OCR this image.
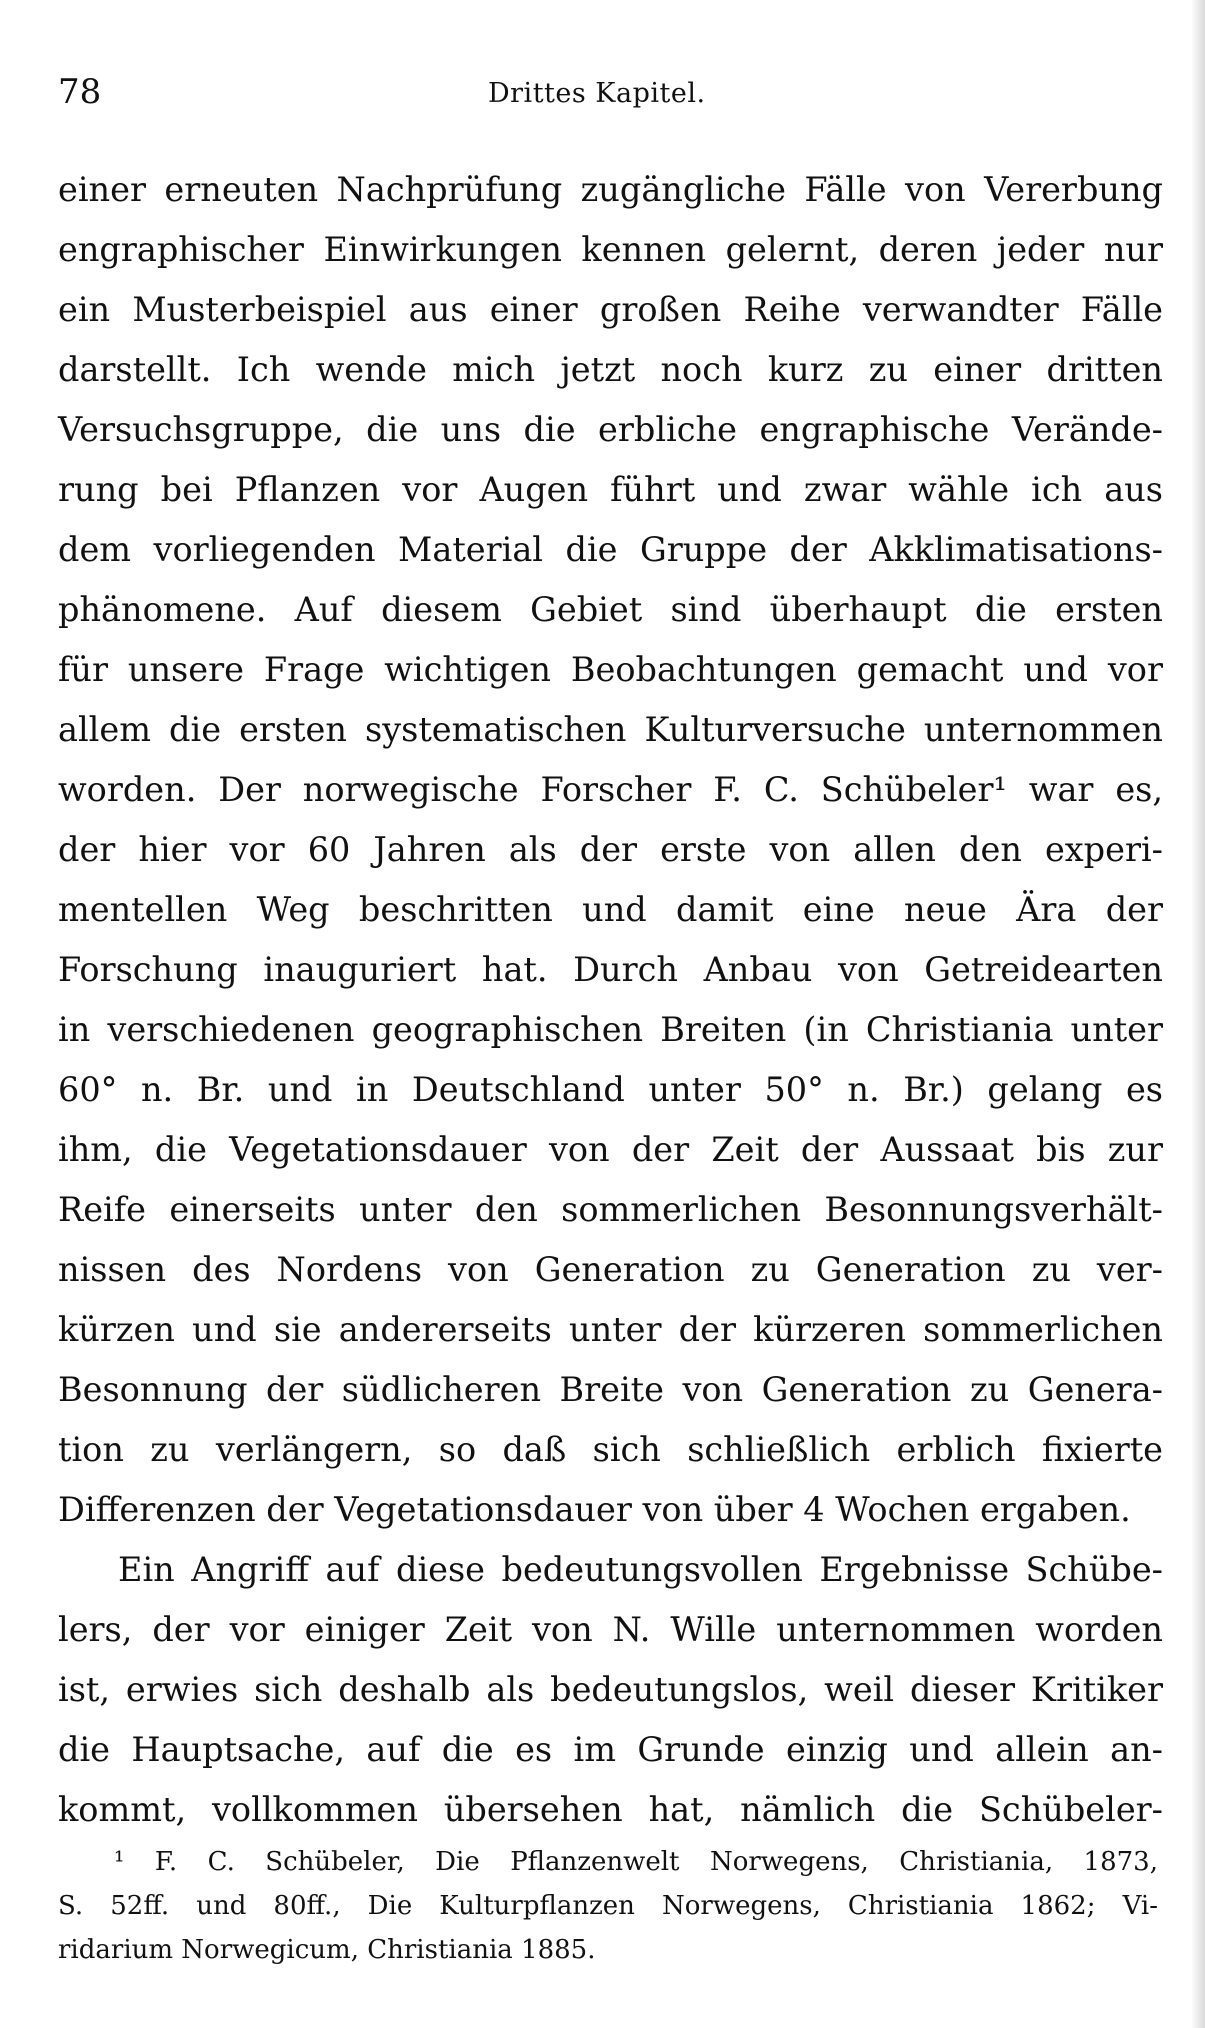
78	Drittes Kapitel.
einer erneuten Nachprüfung zugängliche Fälle von Vererbung
engraphischer Einwirkungen kennen gelernt, deren jeder nur
ein Musterbeispiel aus einer großen Reihe verwandter Fälle
darstellt. Ich wende mich jetzt noch kurz zu einer dritten
Versuchsgruppe, die uns die erbliche engraphische Verände-
rung bei Pflanzen vor Augen führt und zwar wähle ich aus
dem vorliegenden Material die Gruppe der Akklimatisations-
phänomene. Auf diesem Gebiet sind überhaupt die ersten
für unsere Frage wichtigen Beobachtungen gemacht und vor
allem die ersten systematischen Kulturversuche unternommen
worden. Der norwegische Forscher F. C. Schübeler¹ war es,
der hier vor 60 Jahren als der erste von allen den experi-
mentellen Weg beschritten und damit eine neue Ära der
Forschung inauguriert hat. Durch Anbau von Getreidearten
in verschiedenen geographischen Breiten (in Christiania unter
60° n. Br. und in Deutschland unter 50° n. Br.) gelang es
ihm, die Vegetationsdauer von der Zeit der Aussaat bis zur
Reife einerseits unter den sommerlichen Besonnungsverhält-
nissen des Nordens von Generation zu Generation zu ver-
kürzen und sie andererseits unter der kürzeren sommerlichen
Besonnung der südlicheren Breite von Generation zu Genera-
tion zu verlängern, so daß sich schließlich erblich fixierte
Differenzen der Vegetationsdauer von über 4 Wochen ergaben.
Ein Angriff auf diese bedeutungsvollen Ergebnisse Schübe-
lers, der vor einiger Zeit von N. Wille unternommen worden
ist, erwies sich deshalb als bedeutungslos, weil dieser Kritiker
die Hauptsache, auf die es im Grunde einzig und allein an-
kommt, vollkommen übersehen hat, nämlich die Schübeler-
¹ F. C. Schübeler, Die Pflanzenwelt Norwegens, Christiania, 1873,
S. 52ff. und 80ff., Die Kulturpflanzen Norwegens, Christiania 1862; Vi-
ridarium Norwegicum, Christiania 1885.
